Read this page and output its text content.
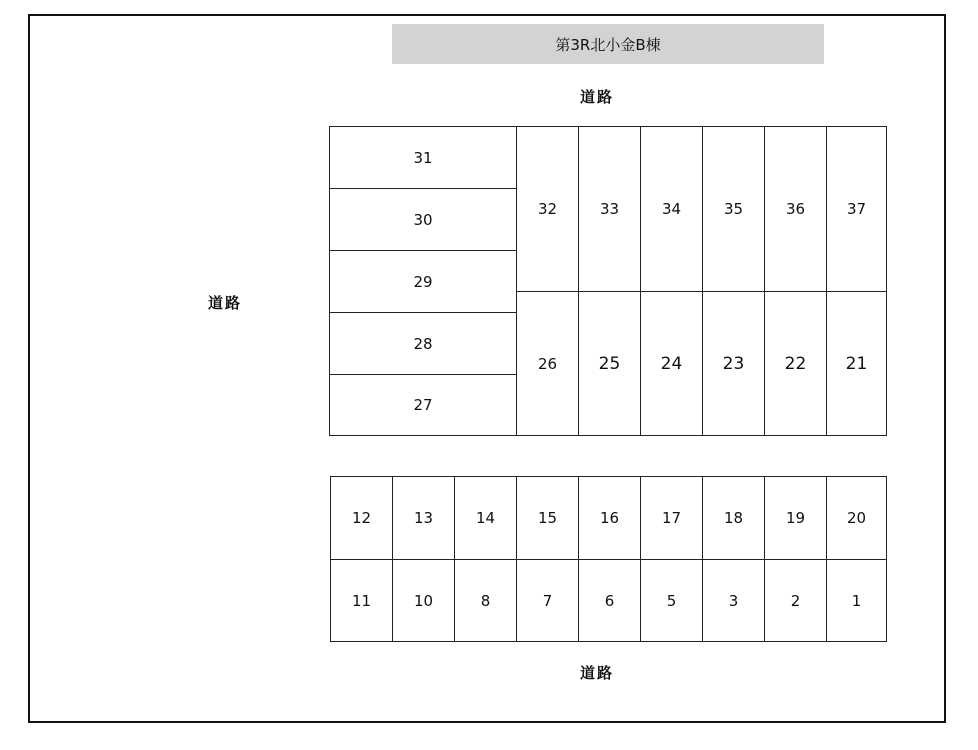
第3R北小金B棟
道路
道路
道路
31
30
29
28
27
32	33	34	35	36	37
26 25 24 23 22 21
12	13	14	15	16	17	18	19	20
11	10	8	7	6	5	3	2	1
